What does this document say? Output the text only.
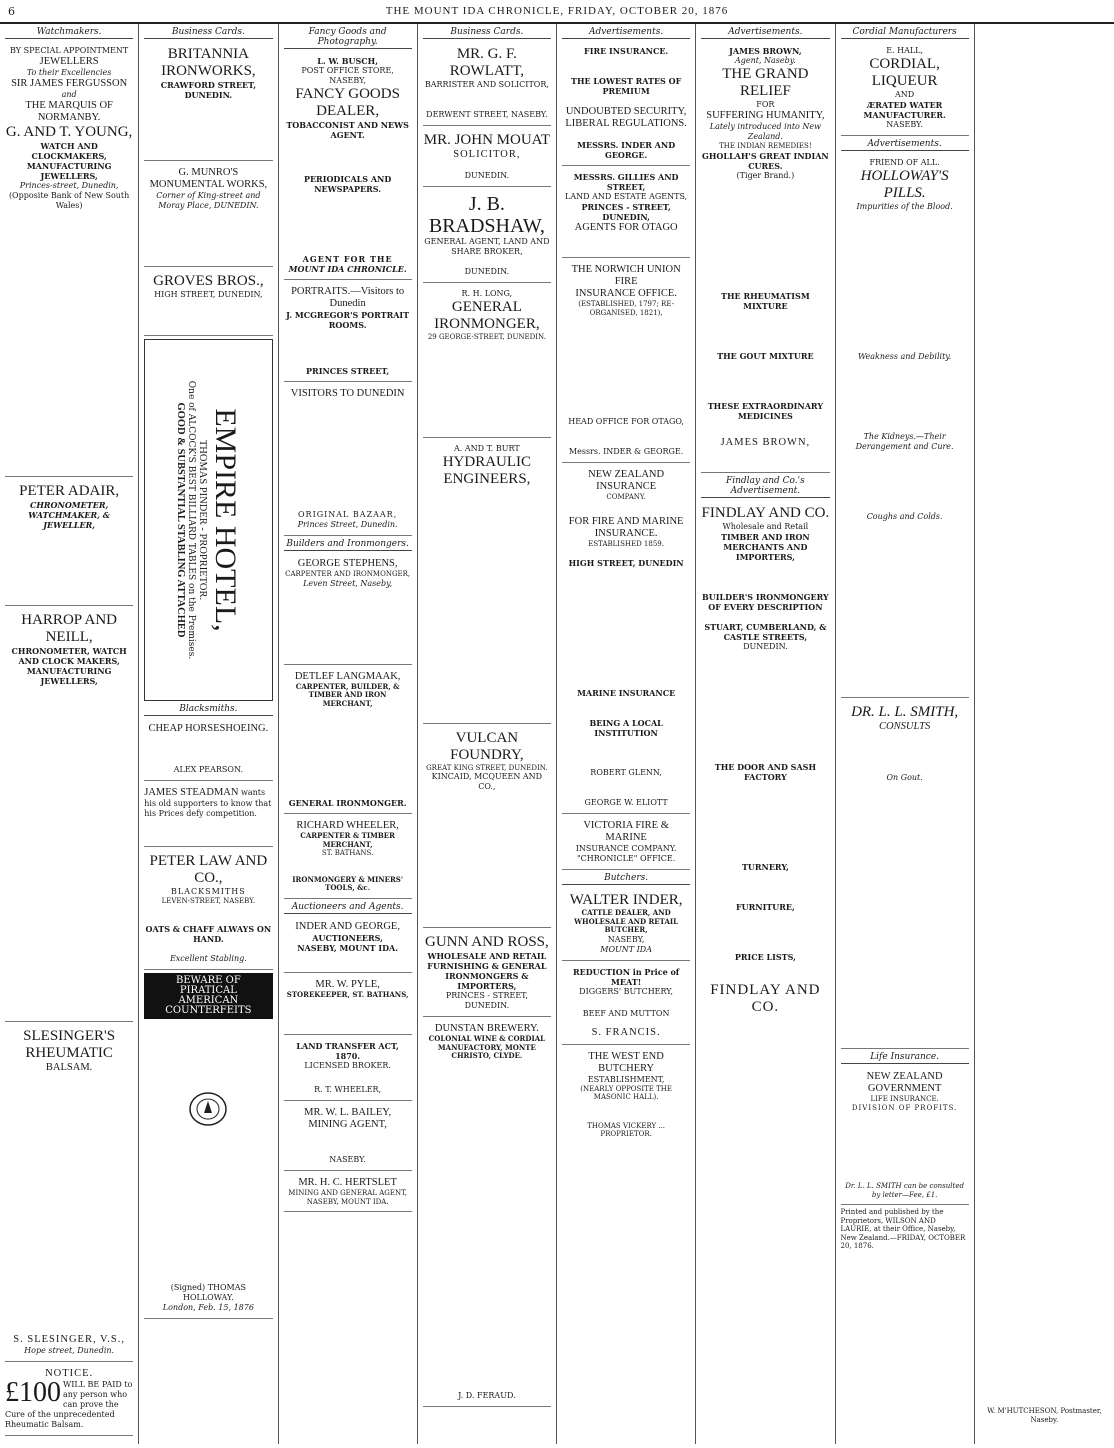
6	THE MOUNT IDA CHRONICLE, FRIDAY, OCTOBER 20, 1876
Watchmakers.
BY SPECIAL APPOINTMENT
JEWELLERS
To their Excellencies
SIR JAMES FERGUSSON
and
THE MARQUIS OF NORMANBY.
G. AND T. YOUNG,
WATCH AND CLOCKMAKERS, MANUFACTURING JEWELLERS,
Princes-street, Dunedin,
(Opposite Bank of New South Wales)
PETER ADAIR,
CHRONOMETER, WATCHMAKER, & JEWELLER,
HARROP AND NEILL,
CHRONOMETER, WATCH AND CLOCK MAKERS, MANUFACTURING JEWELLERS,
SLESINGER'S RHEUMATIC
BALSAM.
S. SLESINGER, V.S.,
Hope street, Dunedin.
NOTICE.
£100 WILL BE PAID to any person who can prove the Cure of the unprecedented Rheumatic Balsam.
Business Cards.
BRITANNIA IRONWORKS,
CRAWFORD STREET,
DUNEDIN.
G. MUNRO'S MONUMENTAL WORKS,
Corner of King-street and Moray Place, DUNEDIN.
GROVES BROS.,
HIGH STREET, DUNEDIN,
EMPIRE HOTEL,
THOMAS PINDER - PROPRIETOR.
One of ALCOCK'S BEST BILLIARD TABLES on the Premises.
GOOD & SUBSTANTIAL STABLING ATTACHED
Blacksmiths.
CHEAP HORSESHOEING.
ALEX PEARSON.
JAMES STEADMAN wants his old supporters to know that his Prices defy competition.
PETER LAW AND CO.,
BLACKSMITHS
LEVEN-STREET, NASEBY.
OATS & CHAFF ALWAYS ON HAND.
Excellent Stabling.
BEWARE OF PIRATICAL
AMERICAN COUNTERFEITS
(Signed) THOMAS HOLLOWAY.
London, Feb. 15, 1876
Fancy Goods and Photography.
L. W. BUSCH,
POST OFFICE STORE, NASEBY,
FANCY GOODS DEALER,
TOBACCONIST AND NEWS AGENT.
PERIODICALS AND NEWSPAPERS.
AGENT FOR THE
MOUNT IDA CHRONICLE.
PORTRAITS.—Visitors to Dunedin
J. MCGREGOR'S PORTRAIT ROOMS.
PRINCES STREET,
VISITORS TO DUNEDIN
ORIGINAL BAZAAR,
Princes Street, Dunedin.
Builders and Ironmongers.
GEORGE STEPHENS,
CARPENTER AND IRONMONGER,
Leven Street, Naseby,
DETLEF LANGMAAK,
CARPENTER, BUILDER, & TIMBER AND IRON MERCHANT,
GENERAL IRONMONGER.
RICHARD WHEELER,
CARPENTER & TIMBER MERCHANT,
ST. BATHANS.
IRONMONGERY & MINERS' TOOLS, &c.
Auctioneers and Agents.
INDER AND GEORGE,
AUCTIONEERS,
NASEBY, MOUNT IDA.
MR. W. PYLE,
STOREKEEPER, ST. BATHANS,
LAND TRANSFER ACT, 1870.
LICENSED BROKER.
R. T. WHEELER,
MR. W. L. BAILEY,
MINING AGENT,
NASEBY.
MR. H. C. HERTSLET
MINING AND GENERAL AGENT,
NASEBY, MOUNT IDA.
Business Cards.
MR. G. F. ROWLATT,
BARRISTER AND SOLICITOR,
DERWENT STREET, NASEBY.
MR. JOHN MOUAT
SOLICITOR,
DUNEDIN.
J. B. BRADSHAW,
GENERAL AGENT, LAND AND SHARE BROKER,
DUNEDIN.
R. H. LONG,
GENERAL IRONMONGER,
29 GEORGE-STREET, DUNEDIN.
A. AND T. BURT
HYDRAULIC ENGINEERS,
VULCAN FOUNDRY,
GREAT KING STREET, DUNEDIN.
KINCAID, MCQUEEN AND CO.,
GUNN AND ROSS,
WHOLESALE AND RETAIL FURNISHING & GENERAL IRONMONGERS & IMPORTERS,
PRINCES - STREET, DUNEDIN.
DUNSTAN BREWERY.
COLONIAL WINE & CORDIAL MANUFACTORY, MONTE CHRISTO, CLYDE.
J. D. FERAUD.
Advertisements.
FIRE INSURANCE.
THE LOWEST RATES OF PREMIUM
UNDOUBTED SECURITY,
LIBERAL REGULATIONS.
MESSRS. INDER AND GEORGE.
MESSRS. GILLIES AND STREET,
LAND AND ESTATE AGENTS,
PRINCES - STREET, DUNEDIN,
AGENTS FOR OTAGO
THE NORWICH UNION FIRE
INSURANCE OFFICE.
(ESTABLISHED, 1797; RE-ORGANISED, 1821),
HEAD OFFICE FOR OTAGO,
Messrs. INDER & GEORGE.
NEW ZEALAND INSURANCE
COMPANY.
FOR FIRE AND MARINE
INSURANCE.
ESTABLISHED 1859.
HIGH STREET, DUNEDIN
MARINE INSURANCE
BEING A LOCAL INSTITUTION
ROBERT GLENN,
GEORGE W. ELIOTT
VICTORIA FIRE & MARINE
INSURANCE COMPANY.
"CHRONICLE" OFFICE.
Butchers.
WALTER INDER,
CATTLE DEALER, AND WHOLESALE AND RETAIL BUTCHER,
NASEBY,
MOUNT IDA
REDUCTION in Price of MEAT!
DIGGERS' BUTCHERY,
BEEF AND MUTTON
S. FRANCIS.
THE WEST END BUTCHERY
ESTABLISHMENT,
(NEARLY OPPOSITE THE MASONIC HALL).
THOMAS VICKERY ... PROPRIETOR.
Advertisements.
JAMES BROWN,
Agent, Naseby.
THE GRAND RELIEF
FOR
SUFFERING HUMANITY,
Lately introduced into New Zealand.
THE INDIAN REMEDIES!
GHOLLAH'S GREAT INDIAN CURES.
(Tiger Brand.)
THE RHEUMATISM MIXTURE
THE GOUT MIXTURE
THESE EXTRAORDINARY MEDICINES
JAMES BROWN,
Findlay and Co.'s Advertisement.
FINDLAY AND CO.
Wholesale and Retail
TIMBER AND IRON MERCHANTS AND IMPORTERS,
BUILDER'S IRONMONGERY OF EVERY DESCRIPTION
STUART, CUMBERLAND, & CASTLE STREETS,
DUNEDIN.
THE DOOR AND SASH FACTORY
TURNERY,
FURNITURE,
PRICE LISTS,
FINDLAY AND CO.
Cordial Manufacturers
E. HALL,
CORDIAL, LIQUEUR
AND
ÆRATED WATER MANUFACTURER.
NASEBY.
Advertisements.
FRIEND OF ALL.
HOLLOWAY'S PILLS.
Impurities of the Blood.
Weakness and Debility.
The Kidneys.—Their Derangement and Cure.
Coughs and Colds.
DR. L. L. SMITH,
CONSULTS
On Gout.
Life Insurance.
NEW ZEALAND GOVERNMENT
LIFE INSURANCE.
DIVISION OF PROFITS.
Dr. L. L. SMITH can be consulted by letter—Fee, £1.
Printed and published by the Proprietors, WILSON AND LAURIE, at their Office, Naseby, New Zealand.—FRIDAY, OCTOBER 20, 1876.
W. M'HUTCHESON, Postmaster, Naseby.
